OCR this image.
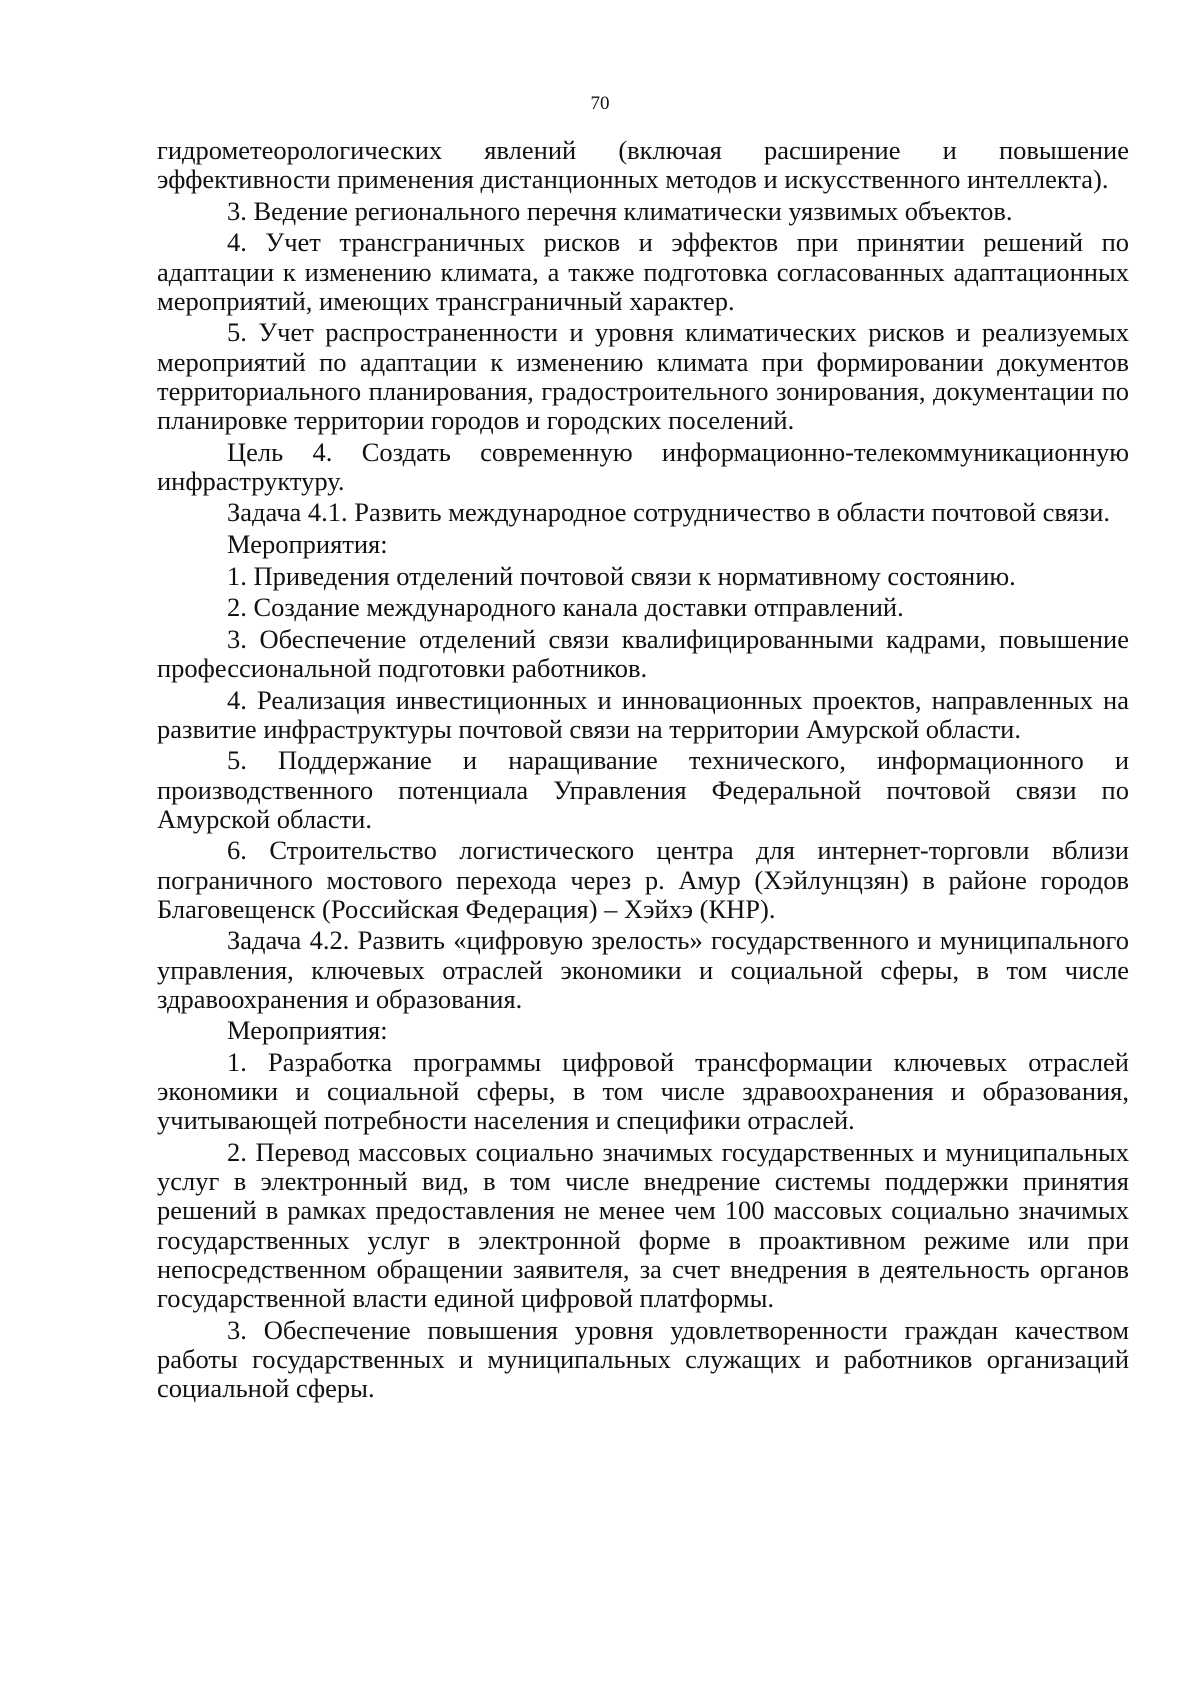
70

гидрометеорологических явлений (включая расширение и повышение эффективности применения дистанционных методов и искусственного интеллекта).

3. Ведение регионального перечня климатически уязвимых объектов.

4. Учет трансграничных рисков и эффектов при принятии решений по адаптации к изменению климата, а также подготовка согласованных адаптационных мероприятий, имеющих трансграничный характер.

5. Учет распространенности и уровня климатических рисков и реализуемых мероприятий по адаптации к изменению климата при формировании документов территориального планирования, градостроительного зонирования, документации по планировке территории городов и городских поселений.

Цель 4. Создать современную информационно-телекоммуникационную инфраструктуру.

Задача 4.1. Развить международное сотрудничество в области почтовой связи.

Мероприятия:

1. Приведения отделений почтовой связи к нормативному состоянию.

2. Создание международного канала доставки отправлений.

3. Обеспечение отделений связи квалифицированными кадрами, повышение профессиональной подготовки работников.

4. Реализация инвестиционных и инновационных проектов, направленных на развитие инфраструктуры почтовой связи на территории Амурской области.

5. Поддержание и наращивание технического, информационного и производственного потенциала Управления Федеральной почтовой связи по Амурской области.

6. Строительство логистического центра для интернет-торговли вблизи пограничного мостового перехода через р. Амур (Хэйлунцзян) в районе городов Благовещенск (Российская Федерация) – Хэйхэ (КНР).

Задача 4.2. Развить «цифровую зрелость» государственного и муниципального управления, ключевых отраслей экономики и социальной сферы, в том числе здравоохранения и образования.

Мероприятия:

1. Разработка программы цифровой трансформации ключевых отраслей экономики и социальной сферы, в том числе здравоохранения и образования, учитывающей потребности населения и специфики отраслей.

2. Перевод массовых социально значимых государственных и муниципальных услуг в электронный вид, в том числе внедрение системы поддержки принятия решений в рамках предоставления не менее чем 100 массовых социально значимых государственных услуг в электронной форме в проактивном режиме или при непосредственном обращении заявителя, за счет внедрения в деятельность органов государственной власти единой цифровой платформы.

3. Обеспечение повышения уровня удовлетворенности граждан качеством работы государственных и муниципальных служащих и работников организаций социальной сферы.
